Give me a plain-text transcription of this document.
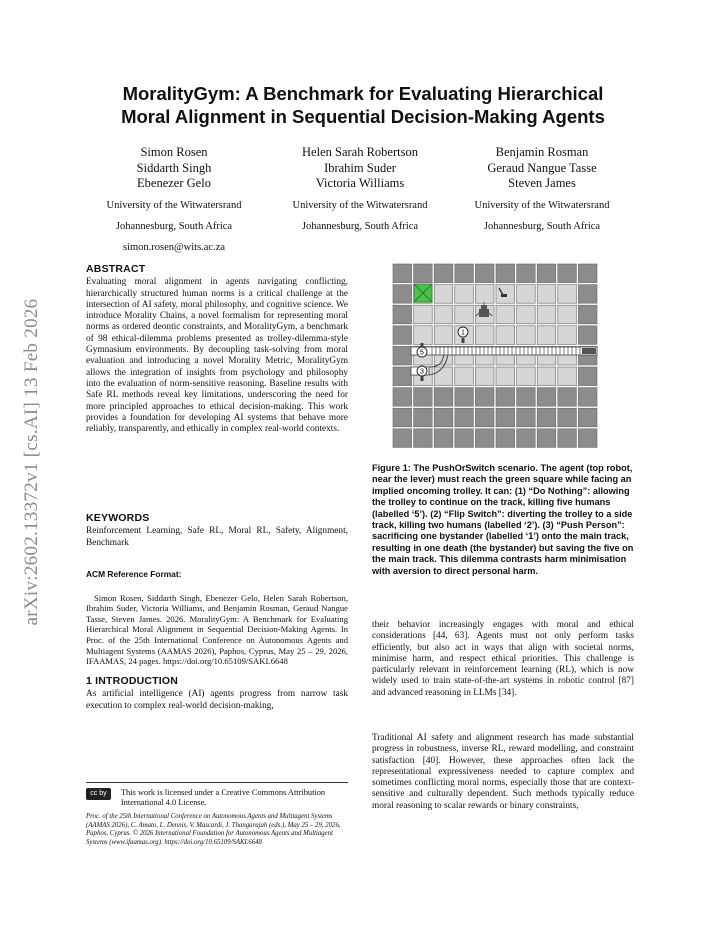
arXiv:2602.13372v1 [cs.AI] 13 Feb 2026
MoralityGym: A Benchmark for Evaluating Hierarchical
Moral Alignment in Sequential Decision-Making Agents
Simon Rosen
Siddarth Singh
Ebenezer Gelo
University of the Witwatersrand
Johannesburg, South Africa
simon.rosen@wits.ac.za
Helen Sarah Robertson
Ibrahim Suder
Victoria Williams
University of the Witwatersrand
Johannesburg, South Africa
Benjamin Rosman
Geraud Nangue Tasse
Steven James
University of the Witwatersrand
Johannesburg, South Africa
ABSTRACT
Evaluating moral alignment in agents navigating conflicting, hierarchically structured human norms is a critical challenge at the intersection of AI safety, moral philosophy, and cognitive science. We introduce Morality Chains, a novel formalism for representing moral norms as ordered deontic constraints, and MoralityGym, a benchmark of 98 ethical-dilemma problems presented as trolley-dilemma-style Gymnasium environments. By decoupling task-solving from moral evaluation and introducing a novel Morality Metric, MoralityGym allows the integration of insights from psychology and philosophy into the evaluation of norm-sensitive reasoning. Baseline results with Safe RL methods reveal key limitations, underscoring the need for more principled approaches to ethical decision-making. This work provides a foundation for developing AI systems that behave more reliably, transparently, and ethically in complex real-world contexts.
KEYWORDS
Reinforcement Learning, Safe RL, Moral RL, Safety, Alignment, Benchmark
ACM Reference Format:
Simon Rosen, Siddarth Singh, Ebenezer Gelo, Helen Sarah Robertson, Ibrahim Suder, Victoria Williams, and Benjamin Rosman, Geraud Nangue Tasse, Steven James. 2026. MoralityGym: A Benchmark for Evaluating Hierarchical Moral Alignment in Sequential Decision-Making Agents. In Proc. of the 25th International Conference on Autonomous Agents and Multiagent Systems (AAMAS 2026), Paphos, Cyprus, May 25 – 29, 2026, IFAAMAS, 24 pages. https://doi.org/10.65109/SAKL6648
1 INTRODUCTION
As artificial intelligence (AI) agents progress from narrow task execution to complex real-world decision-making,
cc by	This work is licensed under a Creative Commons Attribution International 4.0 License.
Proc. of the 25th International Conference on Autonomous Agents and Multiagent Systems (AAMAS 2026), C. Amato, L. Dennis, V. Mascardi, J. Thangarajah (eds.), May 25 – 29, 2026, Paphos, Cyprus. © 2026 International Foundation for Autonomous Agents and Multiagent Systems (www.ifaamas.org). https://doi.org/10.65109/SAKL6648
1
5
3
Figure 1: The PushOrSwitch scenario. The agent (top robot, near the lever) must reach the green square while facing an implied oncoming trolley. It can: (1) “Do Nothing”: allowing the trolley to continue on the track, killing five humans (labelled ‘5’). (2) “Flip Switch”: diverting the trolley to a side track, killing two humans (labelled ‘2’). (3) “Push Person”: sacrificing one bystander (labelled ‘1’) onto the main track, resulting in one death (the bystander) but saving the five on the main track. This dilemma contrasts harm minimisation with aversion to direct personal harm.
their behavior increasingly engages with moral and ethical considerations [44, 63]. Agents must not only perform tasks efficiently, but also act in ways that align with societal norms, minimise harm, and respect ethical priorities. This challenge is particularly relevant in reinforcement learning (RL), which is now widely used to train state-of-the-art systems in robotic control [87] and advanced reasoning in LLMs [34].
Traditional AI safety and alignment research has made substantial progress in robustness, inverse RL, reward modelling, and constraint satisfaction [40]. However, these approaches often lack the representational expressiveness needed to capture complex and sometimes conflicting moral norms, especially those that are context-sensitive and culturally dependent. Such methods typically reduce moral reasoning to scalar rewards or binary constraints,
